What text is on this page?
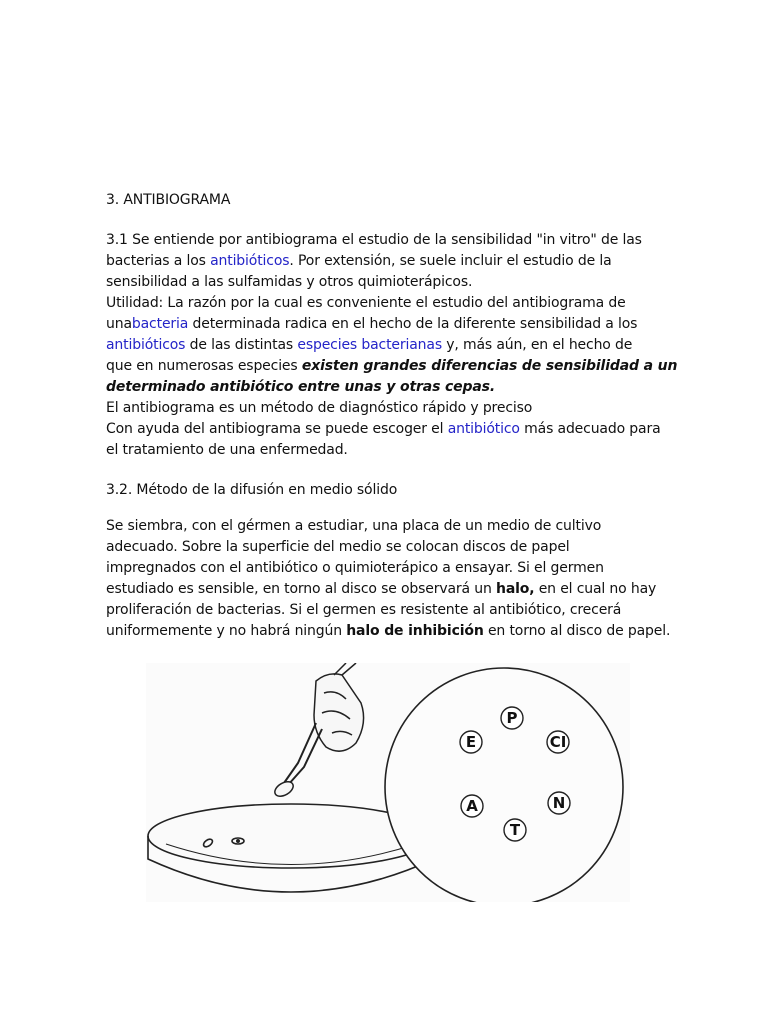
3. ANTIBIOGRAMA
3.1 Se entiende por antibiograma el estudio de la sensibilidad "in vitro" de las
bacterias a los antibióticos. Por extensión, se suele incluir el estudio de la
sensibilidad a las sulfamidas y otros quimioterápicos.
Utilidad: La razón por la cual es conveniente el estudio del antibiograma de
unabacteria determinada radica en el hecho de la diferente sensibilidad a los
antibióticos de las distintas especies bacterianas y, más aún, en el hecho de
que en numerosas especies existen grandes diferencias de sensibilidad a un
determinado antibiótico entre unas y otras cepas.
El antibiograma es un método de diagnóstico rápido y preciso
Con ayuda del antibiograma se puede escoger el antibiótico más adecuado para
el tratamiento de una enfermedad.
3.2. Método de la difusión en medio sólido
Se siembra, con el gérmen a estudiar, una placa de un medio de cultivo
adecuado. Sobre la superficie del medio se colocan discos de papel
impregnados con el antibiótico o quimioterápico a ensayar. Si el germen
estudiado es sensible, en torno al disco se observará un halo, en el cual no hay
proliferación de bacterias. Si el germen es resistente al antibiótico, crecerá
uniformemente y no habrá ningún halo de inhibición en torno al disco de papel.
P
E	CI
A	N
T
